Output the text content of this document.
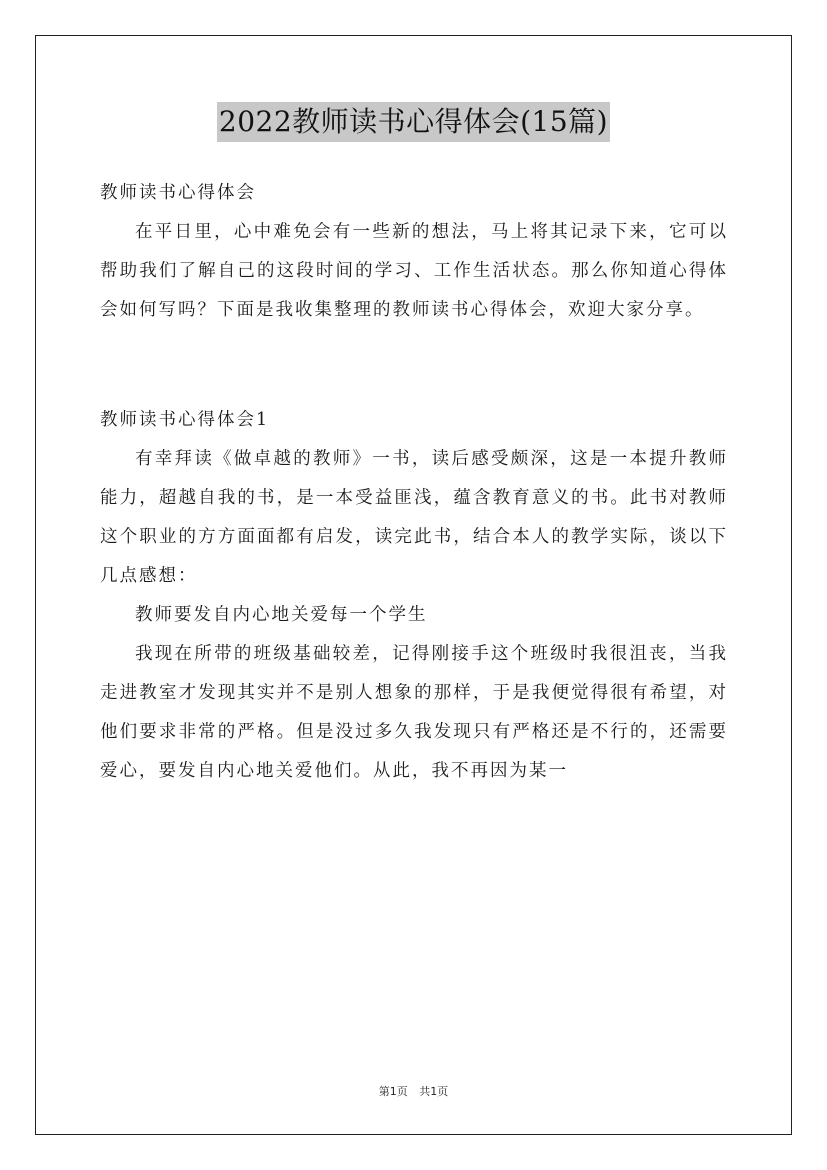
2022教师读书心得体会(15篇)

教师读书心得体会

在平日里，心中难免会有一些新的想法，马上将其记录下来，它可以帮助我们了解自己的这段时间的学习、工作生活状态。那么你知道心得体会如何写吗？下面是我收集整理的教师读书心得体会，欢迎大家分享。

教师读书心得体会1

有幸拜读《做卓越的教师》一书，读后感受颇深，这是一本提升教师能力，超越自我的书，是一本受益匪浅，蕴含教育意义的书。此书对教师这个职业的方方面面都有启发，读完此书，结合本人的教学实际，谈以下几点感想：

教师要发自内心地关爱每一个学生

我现在所带的班级基础较差，记得刚接手这个班级时我很沮丧，当我走进教室才发现其实并不是别人想象的那样，于是我便觉得很有希望，对他们要求非常的严格。但是没过多久我发现只有严格还是不行的，还需要爱心，要发自内心地关爱他们。从此，我不再因为某一

第1页 共1页
